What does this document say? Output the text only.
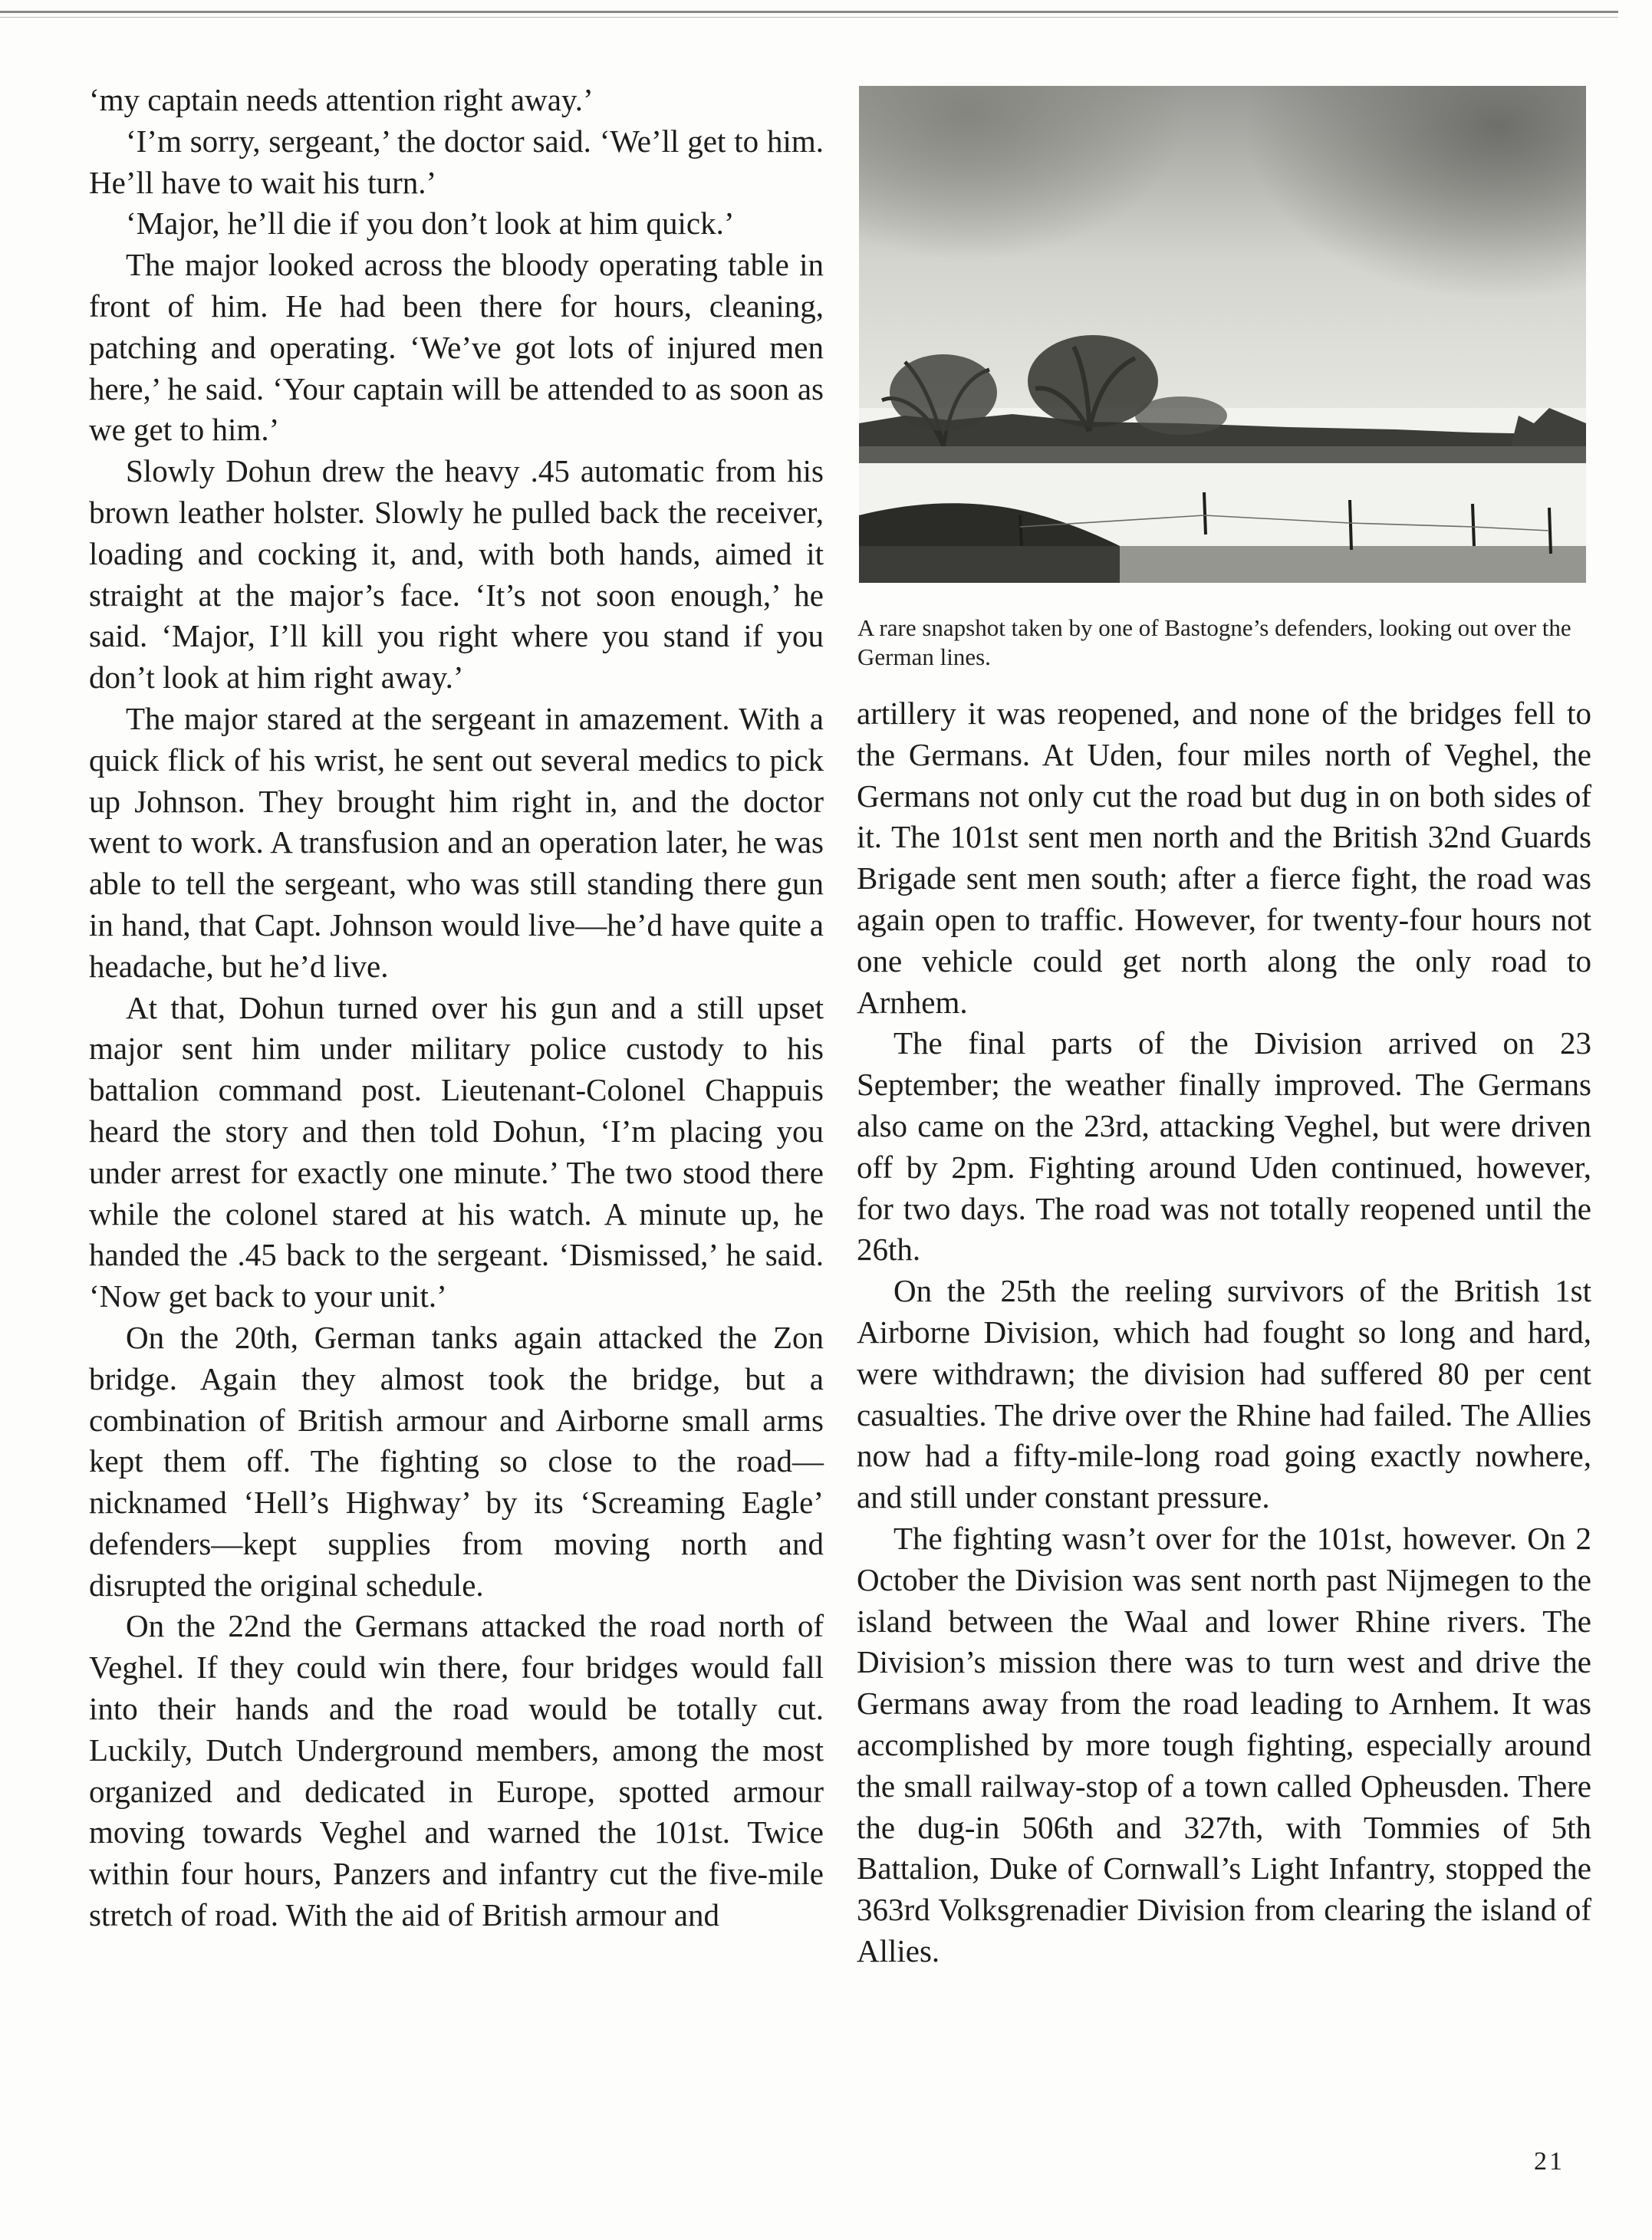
‘my captain needs attention right away.’

‘I’m sorry, sergeant,’ the doctor said. ‘We’ll get to him. He’ll have to wait his turn.’

‘Major, he’ll die if you don’t look at him quick.’

The major looked across the bloody operating table in front of him. He had been there for hours, cleaning, patching and operating. ‘We’ve got lots of injured men here,’ he said. ‘Your captain will be attended to as soon as we get to him.’

Slowly Dohun drew the heavy .45 automatic from his brown leather holster. Slowly he pulled back the receiver, loading and cocking it, and, with both hands, aimed it straight at the major’s face. ‘It’s not soon enough,’ he said. ‘Major, I’ll kill you right where you stand if you don’t look at him right away.’

The major stared at the sergeant in amazement. With a quick flick of his wrist, he sent out several medics to pick up Johnson. They brought him right in, and the doctor went to work. A transfusion and an operation later, he was able to tell the sergeant, who was still standing there gun in hand, that Capt. Johnson would live—he’d have quite a headache, but he’d live.

At that, Dohun turned over his gun and a still upset major sent him under military police custody to his battalion command post. Lieutenant-Colonel Chappuis heard the story and then told Dohun, ‘I’m placing you under arrest for exactly one minute.’ The two stood there while the colonel stared at his watch. A minute up, he handed the .45 back to the sergeant. ‘Dismissed,’ he said. ‘Now get back to your unit.’

On the 20th, German tanks again attacked the Zon bridge. Again they almost took the bridge, but a combination of British armour and Airborne small arms kept them off. The fighting so close to the road—nicknamed ‘Hell’s Highway’ by its ‘Screaming Eagle’ defenders—kept supplies from moving north and disrupted the original schedule.

On the 22nd the Germans attacked the road north of Veghel. If they could win there, four bridges would fall into their hands and the road would be totally cut. Luckily, Dutch Underground members, among the most organized and dedicated in Europe, spotted armour moving towards Veghel and warned the 101st. Twice within four hours, Panzers and infantry cut the five-mile stretch of road. With the aid of British armour and

A rare snapshot taken by one of Bastogne’s defenders, looking out over the German lines.

artillery it was reopened, and none of the bridges fell to the Germans. At Uden, four miles north of Veghel, the Germans not only cut the road but dug in on both sides of it. The 101st sent men north and the British 32nd Guards Brigade sent men south; after a fierce fight, the road was again open to traffic. However, for twenty-four hours not one vehicle could get north along the only road to Arnhem.

The final parts of the Division arrived on 23 September; the weather finally improved. The Germans also came on the 23rd, attacking Veghel, but were driven off by 2pm. Fighting around Uden continued, however, for two days. The road was not totally reopened until the 26th.

On the 25th the reeling survivors of the British 1st Airborne Division, which had fought so long and hard, were withdrawn; the division had suffered 80 per cent casualties. The drive over the Rhine had failed. The Allies now had a fifty-mile-long road going exactly nowhere, and still under constant pressure.

The fighting wasn’t over for the 101st, however. On 2 October the Division was sent north past Nijmegen to the island between the Waal and lower Rhine rivers. The Division’s mission there was to turn west and drive the Germans away from the road leading to Arnhem. It was accomplished by more tough fighting, especially around the small railway-stop of a town called Opheusden. There the dug-in 506th and 327th, with Tommies of 5th Battalion, Duke of Cornwall’s Light Infantry, stopped the 363rd Volksgrenadier Division from clearing the island of Allies.

21
